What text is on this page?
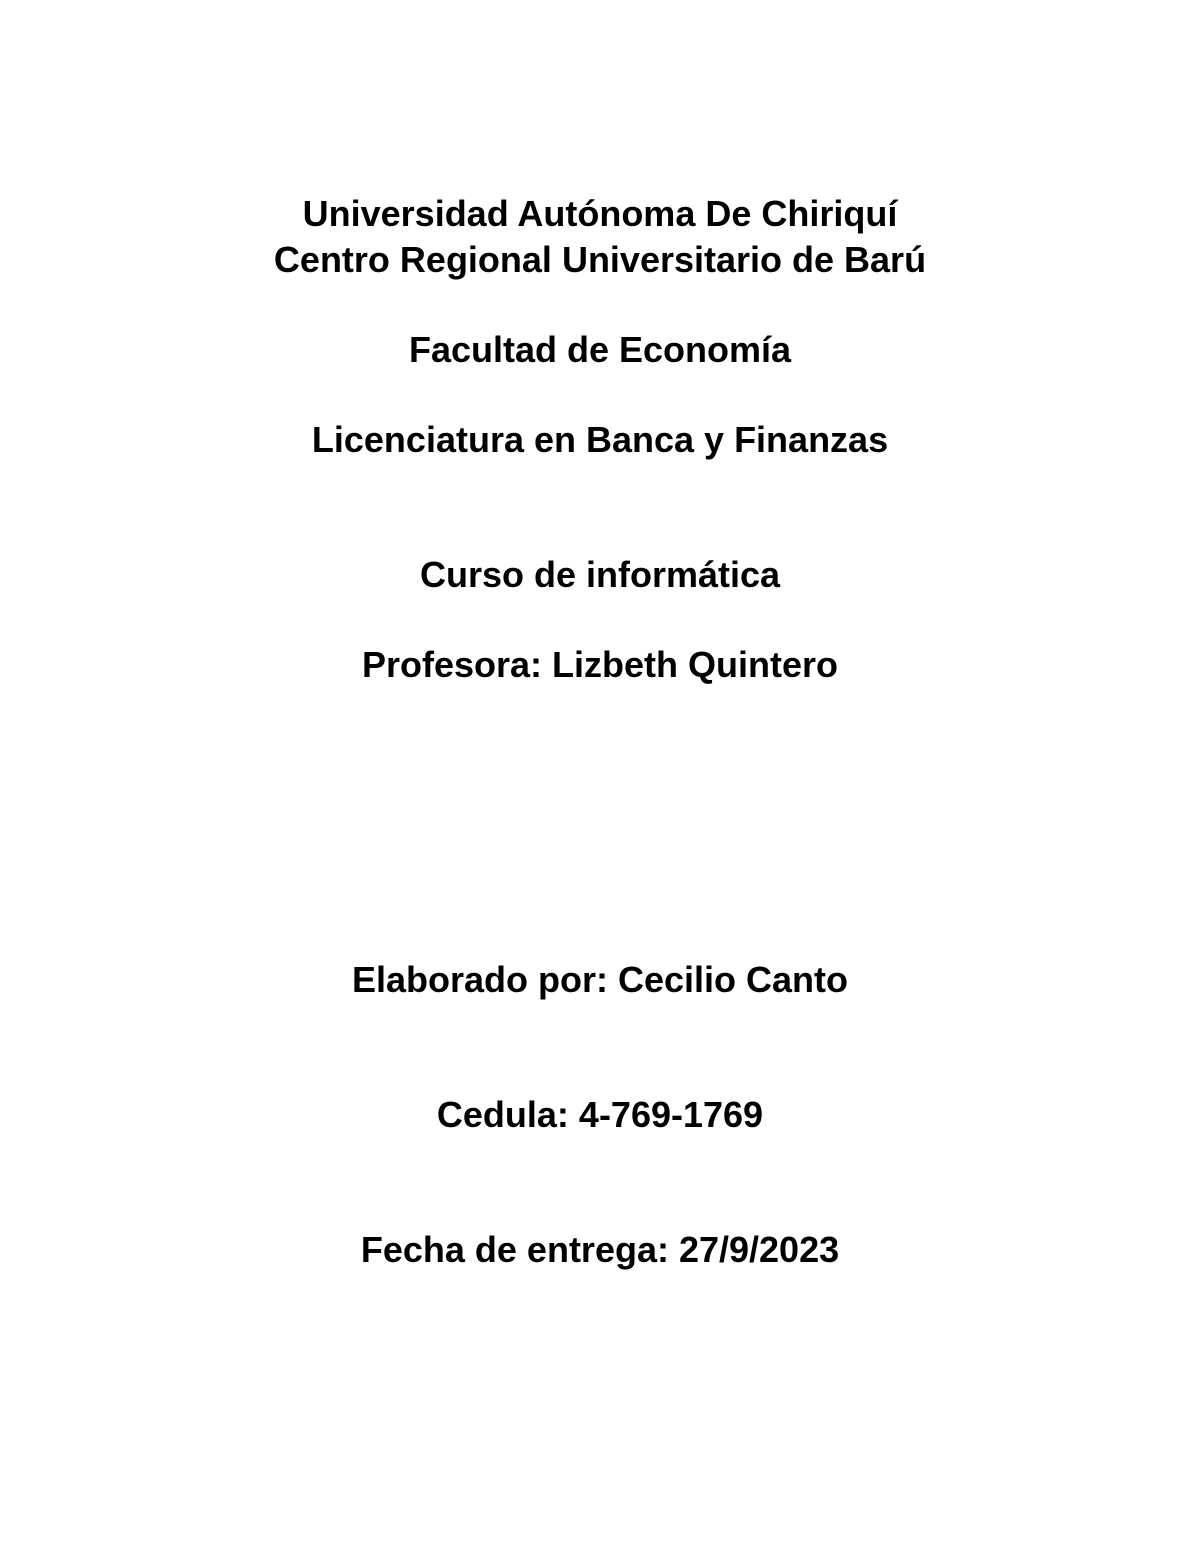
Universidad Autónoma De Chiriquí
Centro Regional Universitario de Barú
Facultad de Economía
Licenciatura en Banca y Finanzas
Curso de informática
Profesora: Lizbeth Quintero
Elaborado por: Cecilio Canto
Cedula: 4-769-1769
Fecha de entrega: 27/9/2023
